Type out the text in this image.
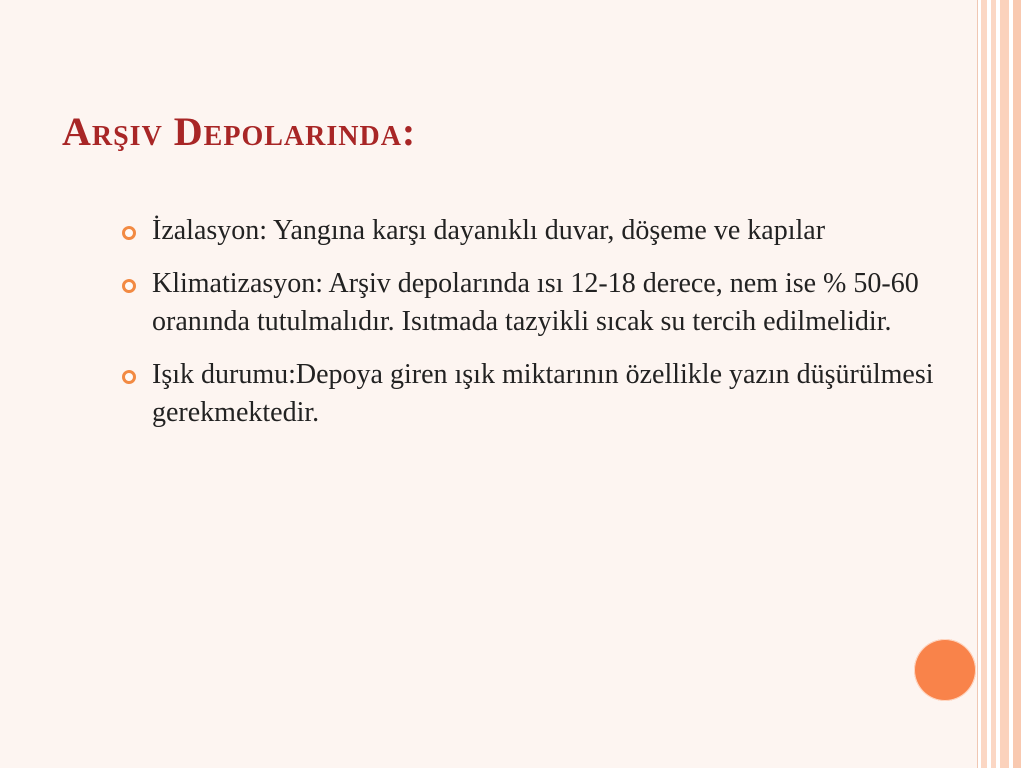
Arşiv Depolarında:
İzalasyon: Yangına karşı dayanıklı duvar, döşeme ve kapılar
Klimatizasyon: Arşiv depolarında ısı 12-18 derece, nem ise % 50-60 oranında tutulmalıdır. Isıtmada tazyikli sıcak su tercih edilmelidir.
Işık durumu:Depoya giren ışık miktarının özellikle yazın düşürülmesi gerekmektedir.
